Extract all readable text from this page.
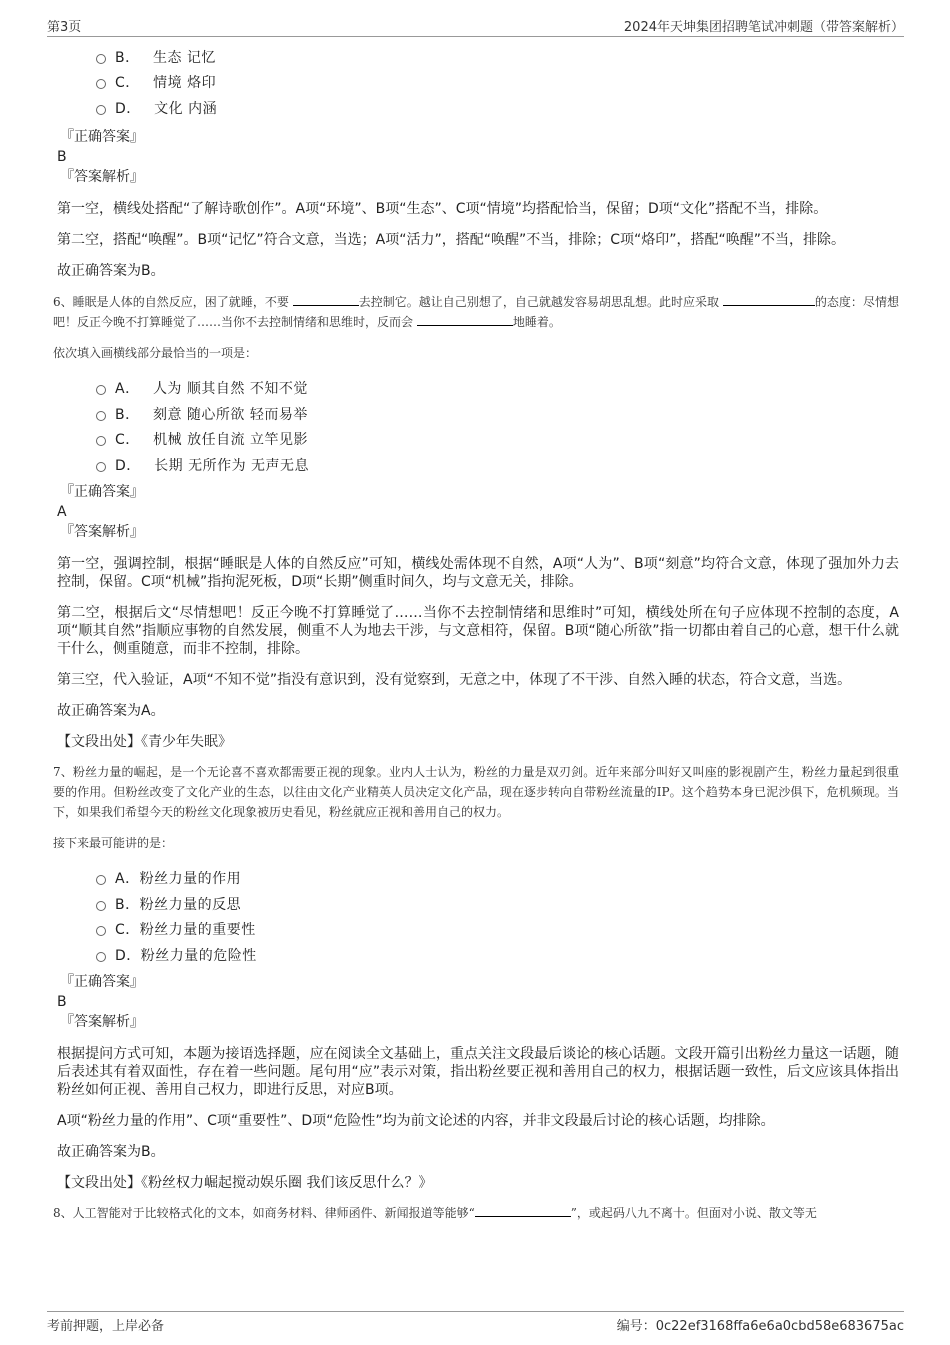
第3页	2024年天坤集团招聘笔试冲刺题（带答案解析）
B．
生态 记忆
C．
情境 烙印
D．
文化 内涵
『正确答案』
B
『答案解析』

第一空，横线处搭配“了解诗歌创作”。A项“环境”、B项“生态”、C项“情境”均搭配恰当，保留；D项“文化”搭配不当，排除。

第二空，搭配“唤醒”。B项“记忆”符合文意，当选；A项“活力”，搭配“唤醒”不当，排除；C项“烙印”，搭配“唤醒”不当，排除。

故正确答案为B。

6、睡眠是人体的自然反应，困了就睡，不要	去控制它。越让自己别想了，自己就越发容易胡思乱想。此时应采取	的态度：尽情想吧！反正今晚不打算睡觉了……当你不去控制情绪和思维时，反而会	地睡着。

依次填入画横线部分最恰当的一项是：

A．
人为 顺其自然 不知不觉
B．
刻意 随心所欲 轻而易举
C．
机械 放任自流 立竿见影
D．
长期 无所作为 无声无息
『正确答案』
A
『答案解析』

第一空，强调控制，根据“睡眠是人体的自然反应”可知，横线处需体现不自然，A项“人为”、B项“刻意”均符合文意，体现了强加外力去控制，保留。C项“机械”指拘泥死板，D项“长期”侧重时间久，均与文意无关，排除。

第二空，根据后文“尽情想吧！反正今晚不打算睡觉了……当你不去控制情绪和思维时”可知，横线处所在句子应体现不控制的态度，A项“顺其自然”指顺应事物的自然发展，侧重不人为地去干涉，与文意相符，保留。B项“随心所欲”指一切都由着自己的心意，想干什么就干什么，侧重随意，而非不控制，排除。

第三空，代入验证，A项“不知不觉”指没有意识到，没有觉察到，无意之中，体现了不干涉、自然入睡的状态，符合文意，当选。

故正确答案为A。

【文段出处】《青少年失眠》

7、粉丝力量的崛起，是一个无论喜不喜欢都需要正视的现象。业内人士认为，粉丝的力量是双刃剑。近年来部分叫好又叫座的影视剧产生，粉丝力量起到很重要的作用。但粉丝改变了文化产业的生态，以往由文化产业精英人员决定文化产品，现在逐步转向自带粉丝流量的IP。这个趋势本身已泥沙俱下，危机频现。当下，如果我们希望今天的粉丝文化现象被历史看见，粉丝就应正视和善用自己的权力。

接下来最可能讲的是：

A． 粉丝力量的作用
B． 粉丝力量的反思
C． 粉丝力量的重要性
D． 粉丝力量的危险性
『正确答案』
B
『答案解析』

根据提问方式可知，本题为接语选择题，应在阅读全文基础上，重点关注文段最后谈论的核心话题。文段开篇引出粉丝力量这一话题，随后表述其有着双面性，存在着一些问题。尾句用“应”表示对策，指出粉丝要正视和善用自己的权力，根据话题一致性，后文应该具体指出粉丝如何正视、善用自己权力，即进行反思，对应B项。

A项“粉丝力量的作用”、C项“重要性”、D项“危险性”均为前文论述的内容，并非文段最后讨论的核心话题，均排除。

故正确答案为B。

【文段出处】《粉丝权力崛起搅动娱乐圈 我们该反思什么？》

8、人工智能对于比较格式化的文本，如商务材料、律师函件、新闻报道等能够“	”，或起码八九不离十。但面对小说、散文等无

考前押题，上岸必备	编号：0c22ef3168ffa6e6a0cbd58e683675ac
